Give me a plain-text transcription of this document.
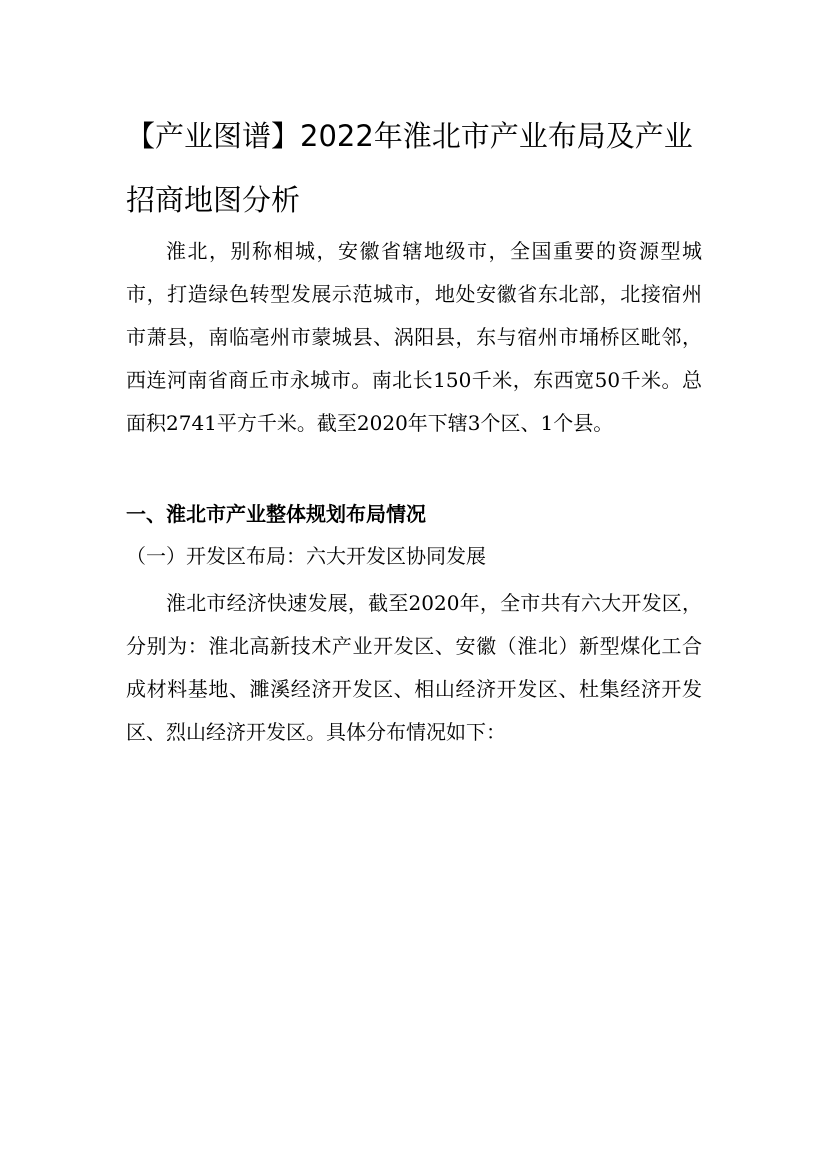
【产业图谱】2022年淮北市产业布局及产业招商地图分析

淮北，别称相城，安徽省辖地级市，全国重要的资源型城市，打造绿色转型发展示范城市，地处安徽省东北部，北接宿州市萧县，南临亳州市蒙城县、涡阳县，东与宿州市埇桥区毗邻，西连河南省商丘市永城市。南北长150千米，东西宽50千米。总面积2741平方千米。截至2020年下辖3个区、1个县。

一、淮北市产业整体规划布局情况
（一）开发区布局：六大开发区协同发展

淮北市经济快速发展，截至2020年，全市共有六大开发区，分别为：淮北高新技术产业开发区、安徽（淮北）新型煤化工合成材料基地、濉溪经济开发区、相山经济开发区、杜集经济开发区、烈山经济开发区。具体分布情况如下：
